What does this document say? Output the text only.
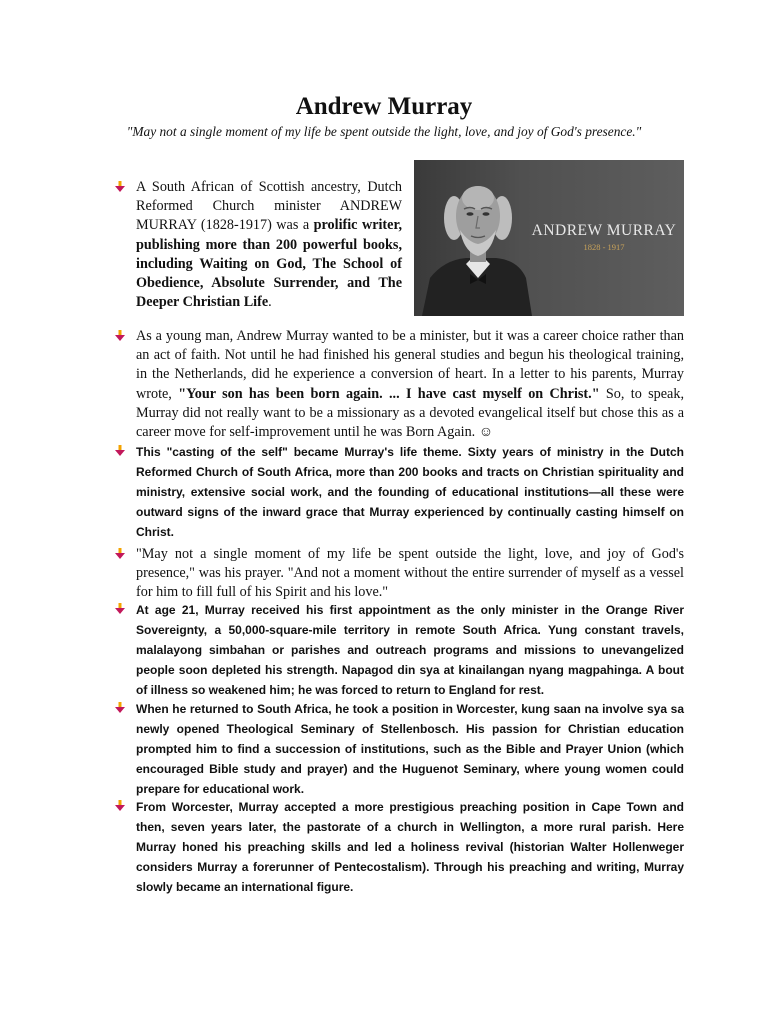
Andrew Murray
"May not a single moment of my life be spent outside the light, love, and joy of God's presence."
ANDREW MURRAY
1828 - 1917
A South African of Scottish ancestry, Dutch Reformed Church minister ANDREW MURRAY (1828-1917) was a prolific writer, publishing more than 200 powerful books, including Waiting on God, The School of Obedience, Absolute Surrender, and The Deeper Christian Life.
As a young man, Andrew Murray wanted to be a minister, but it was a career choice rather than an act of faith. Not until he had finished his general studies and begun his theological training, in the Netherlands, did he experience a conversion of heart. In a letter to his parents, Murray wrote, "Your son has been born again. ... I have cast myself on Christ." So, to speak, Murray did not really want to be a missionary as a devoted evangelical itself but chose this as a career move for self-improvement until he was Born Again. ☺
This "casting of the self" became Murray's life theme. Sixty years of ministry in the Dutch Reformed Church of South Africa, more than 200 books and tracts on Christian spirituality and ministry, extensive social work, and the founding of educational institutions—all these were outward signs of the inward grace that Murray experienced by continually casting himself on Christ.
"May not a single moment of my life be spent outside the light, love, and joy of God's presence," was his prayer. "And not a moment without the entire surrender of myself as a vessel for him to fill full of his Spirit and his love."
At age 21, Murray received his first appointment as the only minister in the Orange River Sovereignty, a 50,000-square-mile territory in remote South Africa. Yung constant travels, malalayong simbahan or parishes and outreach programs and missions to unevangelized people soon depleted his strength. Napagod din sya at kinailangan nyang magpahinga. A bout of illness so weakened him; he was forced to return to England for rest.
When he returned to South Africa, he took a position in Worcester, kung saan na involve sya sa newly opened Theological Seminary of Stellenbosch. His passion for Christian education prompted him to find a succession of institutions, such as the Bible and Prayer Union (which encouraged Bible study and prayer) and the Huguenot Seminary, where young women could prepare for educational work.
From Worcester, Murray accepted a more prestigious preaching position in Cape Town and then, seven years later, the pastorate of a church in Wellington, a more rural parish. Here Murray honed his preaching skills and led a holiness revival (historian Walter Hollenweger considers Murray a forerunner of Pentecostalism). Through his preaching and writing, Murray slowly became an international figure.
